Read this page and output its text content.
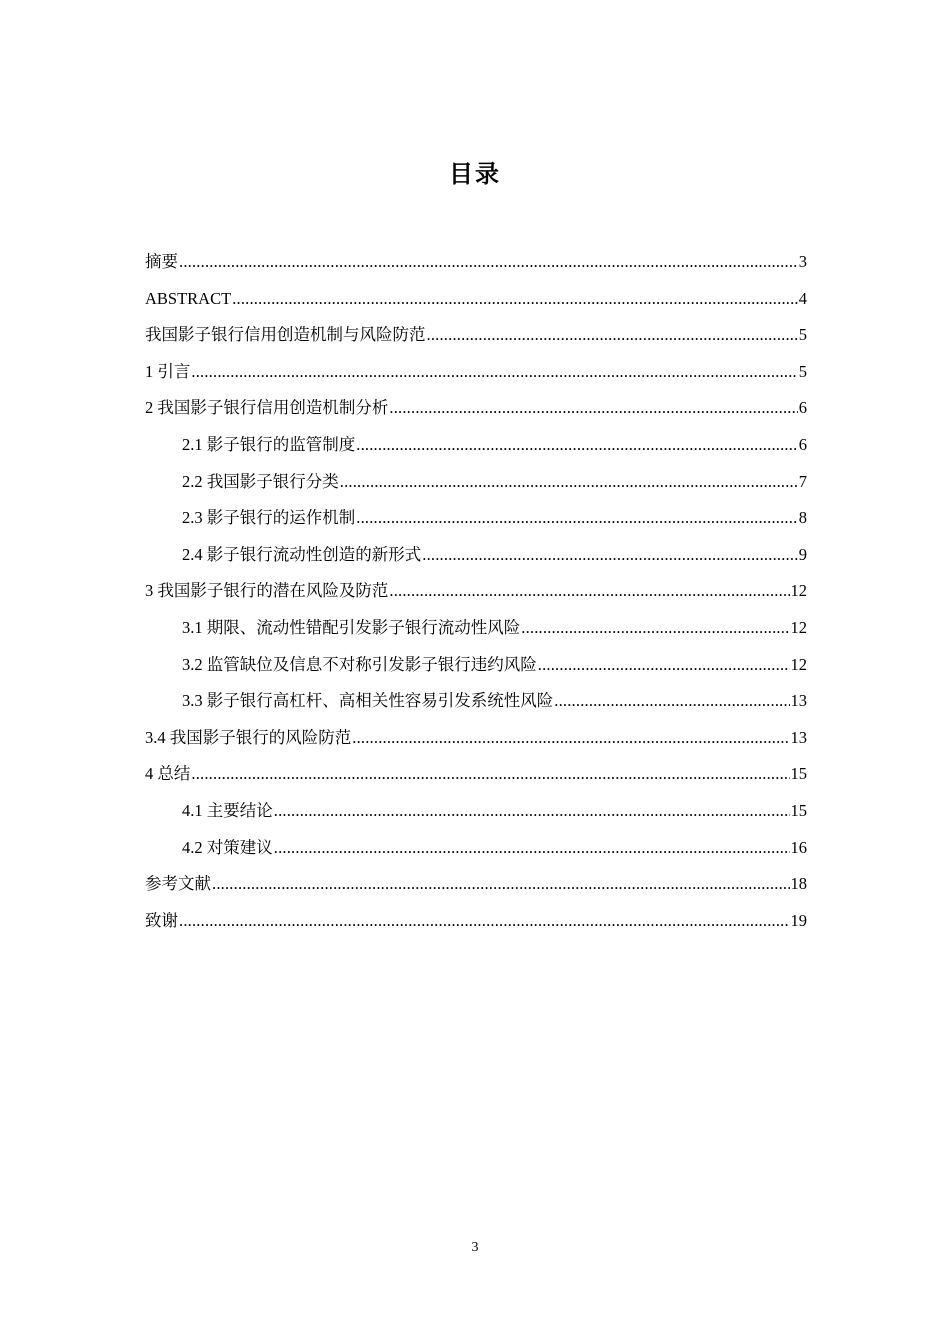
目录
摘要 .....	3
ABSTRACT .....	4
我国影子银行信用创造机制与风险防范 .....	5
1 引言 .....	5
2 我国影子银行信用创造机制分析 .....	6
2.1 影子银行的监管制度 .....	6
2.2 我国影子银行分类 .....	7
2.3 影子银行的运作机制 .....	8
2.4 影子银行流动性创造的新形式 .....	9
3 我国影子银行的潜在风险及防范 .....	12
3.1 期限、流动性错配引发影子银行流动性风险 .....	12
3.2 监管缺位及信息不对称引发影子银行违约风险 .....	12
3.3 影子银行高杠杆、高相关性容易引发系统性风险 .....	13
3.4 我国影子银行的风险防范 .....	13
4 总结 .....	15
4.1 主要结论 .....	15
4.2 对策建议 .....	16
参考文献 .....	18
致谢 .....	19
3
